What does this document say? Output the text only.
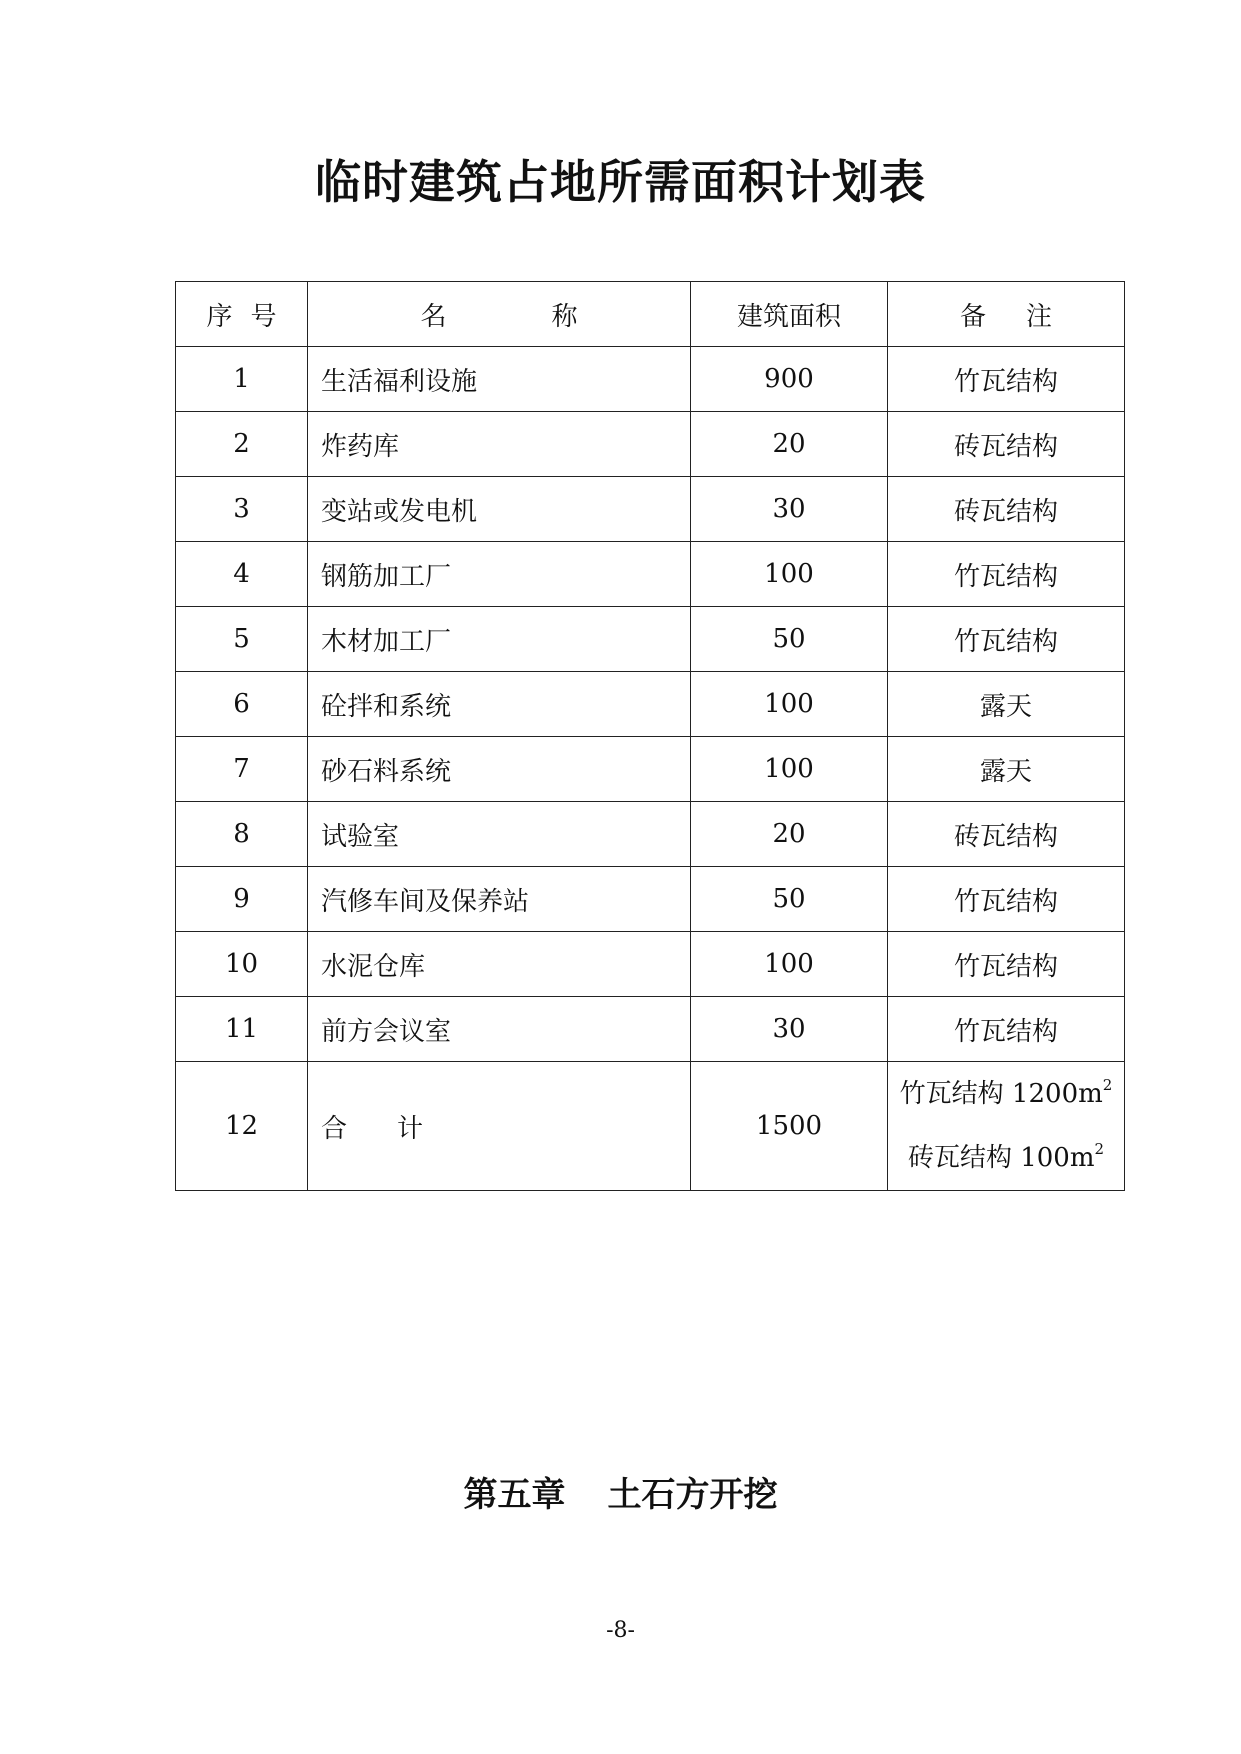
临时建筑占地所需面积计划表
序 号	名 称	建筑面积	备 注
1	生活福利设施	900	竹瓦结构
2	炸药库	20	砖瓦结构
3	变站或发电机	30	砖瓦结构
4	钢筋加工厂	100	竹瓦结构
5	木材加工厂	50	竹瓦结构
6	砼拌和系统	100	露天
7	砂石料系统	100	露天
8	试验室	20	砖瓦结构
9	汽修车间及保养站	50	竹瓦结构
10	水泥仓库	100	竹瓦结构
11	前方会议室	30	竹瓦结构
12	合 计	1500	竹瓦结构 $1200m^2$
砖瓦结构 $100m^2$
第五章 土石方开挖
-8-
